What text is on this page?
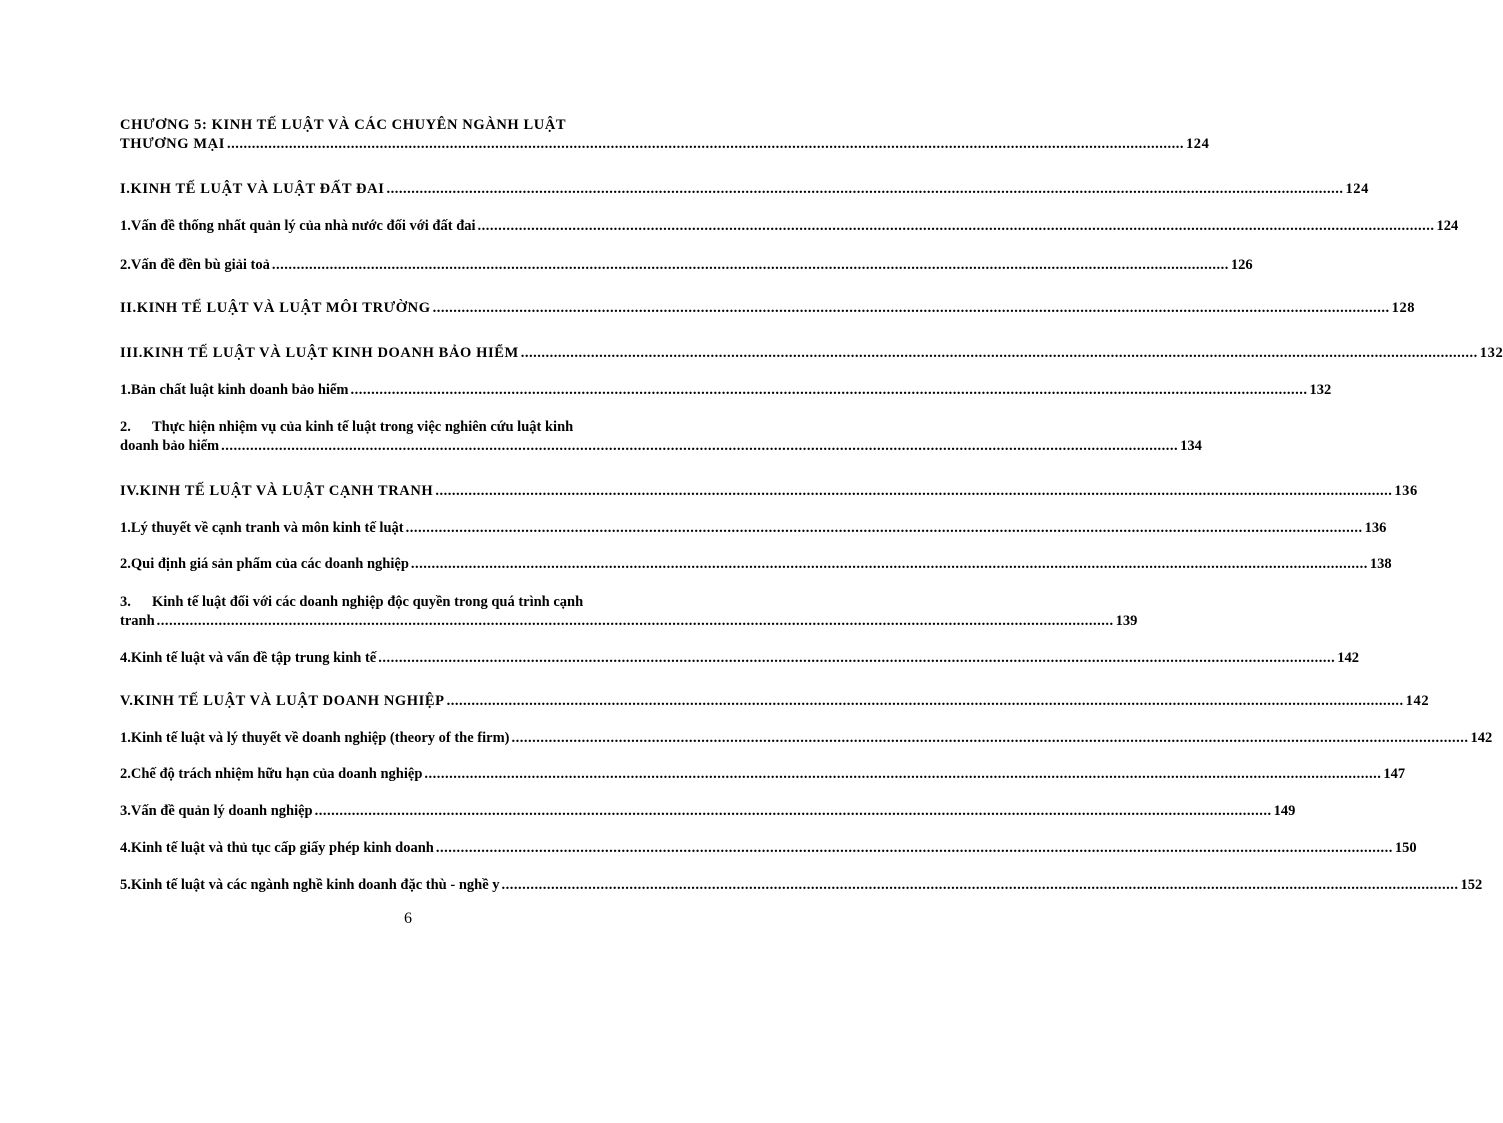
CHƯƠNG 5: KINH TẾ LUẬT VÀ CÁC CHUYÊN NGÀNH LUẬT
THƯƠNG MẠI .....	124
I. KINH TẾ LUẬT VÀ LUẬT ĐẤT ĐAI .....	124
1. Vấn đề thống nhất quản lý của nhà nước đối với đất đai .....	124
2. Vấn đề đền bù giải toả .....	126
II. KINH TẾ LUẬT VÀ LUẬT MÔI TRƯỜNG .....	128
III. KINH TẾ LUẬT VÀ LUẬT KINH DOANH BẢO HIỂM .....	132
1. Bản chất luật kinh doanh bảo hiểm .....	132
2.	Thực hiện nhiệm vụ của kinh tế luật trong việc nghiên cứu luật kinh
doanh bảo hiểm .....	134
IV. KINH TẾ LUẬT VÀ LUẬT CẠNH TRANH .....	136
1. Lý thuyết về cạnh tranh và môn kinh tế luật .....	136
2. Qui định giá sản phẩm của các doanh nghiệp .....	138
3.	Kinh tế luật đối với các doanh nghiệp độc quyền trong quá trình cạnh
tranh .....	139
4. Kinh tế luật và vấn đề tập trung kinh tế .....	142
V. KINH TẾ LUẬT VÀ LUẬT DOANH NGHIỆP .....	142
1. Kinh tế luật và lý thuyết về doanh nghiệp (theory of the firm) .....	142
2. Chế độ trách nhiệm hữu hạn của doanh nghiệp .....	147
3. Vấn đề quản lý doanh nghiệp .....	149
4. Kinh tế luật và thủ tục cấp giấy phép kinh doanh .....	150
5. Kinh tế luật và các ngành nghề kinh doanh đặc thù - nghề y .....	152
6
